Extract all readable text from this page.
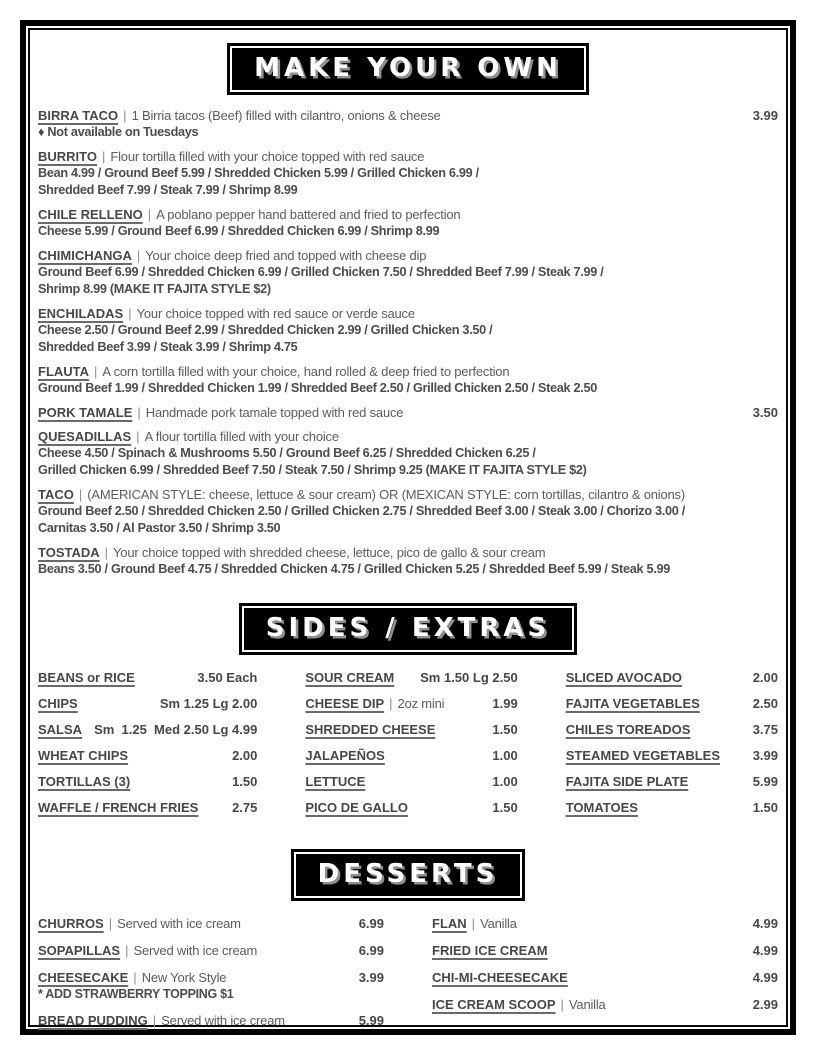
MAKE YOUR OWN
BIRRA TACO | 1 Birria tacos (Beef) filled with cilantro, onions & cheese	3.99
♦ Not available on Tuesdays
BURRITO | Flour tortilla filled with your choice topped with red sauce
Bean 4.99 / Ground Beef 5.99 / Shredded Chicken 5.99 / Grilled Chicken 6.99 /
Shredded Beef 7.99 / Steak 7.99 / Shrimp 8.99
CHILE RELLENO | A poblano pepper hand battered and fried to perfection
Cheese 5.99 / Ground Beef 6.99 / Shredded Chicken 6.99 / Shrimp 8.99
CHIMICHANGA | Your choice deep fried and topped with cheese dip
Ground Beef 6.99 / Shredded Chicken 6.99 / Grilled Chicken 7.50 / Shredded Beef 7.99 / Steak 7.99 /
Shrimp 8.99 (MAKE IT FAJITA STYLE $2)
ENCHILADAS | Your choice topped with red sauce or verde sauce
Cheese 2.50 / Ground Beef 2.99 / Shredded Chicken 2.99 / Grilled Chicken 3.50 /
Shredded Beef 3.99 / Steak 3.99 / Shrimp 4.75
FLAUTA | A corn tortilla filled with your choice, hand rolled & deep fried to perfection
Ground Beef 1.99 / Shredded Chicken 1.99 / Shredded Beef 2.50 / Grilled Chicken 2.50 / Steak 2.50
PORK TAMALE | Handmade pork tamale topped with red sauce	3.50
QUESADILLAS | A flour tortilla filled with your choice
Cheese 4.50 / Spinach & Mushrooms 5.50 / Ground Beef 6.25 / Shredded Chicken 6.25 /
Grilled Chicken 6.99 / Shredded Beef 7.50 / Steak 7.50 / Shrimp 9.25 (MAKE IT FAJITA STYLE $2)
TACO | (AMERICAN STYLE: cheese, lettuce & sour cream) OR (MEXICAN STYLE: corn tortillas, cilantro & onions)
Ground Beef 2.50 / Shredded Chicken 2.50 / Grilled Chicken 2.75 / Shredded Beef 3.00 / Steak 3.00 / Chorizo 3.00 /
Carnitas 3.50 / Al Pastor 3.50 / Shrimp 3.50
TOSTADA | Your choice topped with shredded cheese, lettuce, pico de gallo & sour cream
Beans 3.50 / Ground Beef 4.75 / Shredded Chicken 4.75 / Grilled Chicken 5.25 / Shredded Beef 5.99 / Steak 5.99
SIDES / EXTRAS
BEANS or RICE	3.50 Each
CHIPS	Sm 1.25 Lg 2.00
SALSA Sm  1.25  Med 2.50 Lg 4.99
WHEAT CHIPS	2.00
TORTILLAS (3)	1.50
WAFFLE / FRENCH FRIES	2.75
SOUR CREAM	Sm 1.50 Lg 2.50
CHEESE DIP | 2oz mini	1.99
SHREDDED CHEESE	1.50
JALAPEÑOS	1.00
LETTUCE	1.00
PICO DE GALLO	1.50
SLICED AVOCADO	2.00
FAJITA VEGETABLES	2.50
CHILES TOREADOS	3.75
STEAMED VEGETABLES	3.99
FAJITA SIDE PLATE	5.99
TOMATOES	1.50
DESSERTS
CHURROS | Served with ice cream	6.99
SOPAPILLAS | Served with ice cream	6.99
CHEESECAKE | New York Style	3.99
* ADD STRAWBERRY TOPPING $1
BREAD PUDDING | Served with ice cream	5.99
FLAN | Vanilla	4.99
FRIED ICE CREAM	4.99
CHI-MI-CHEESECAKE	4.99
ICE CREAM SCOOP | Vanilla	2.99
